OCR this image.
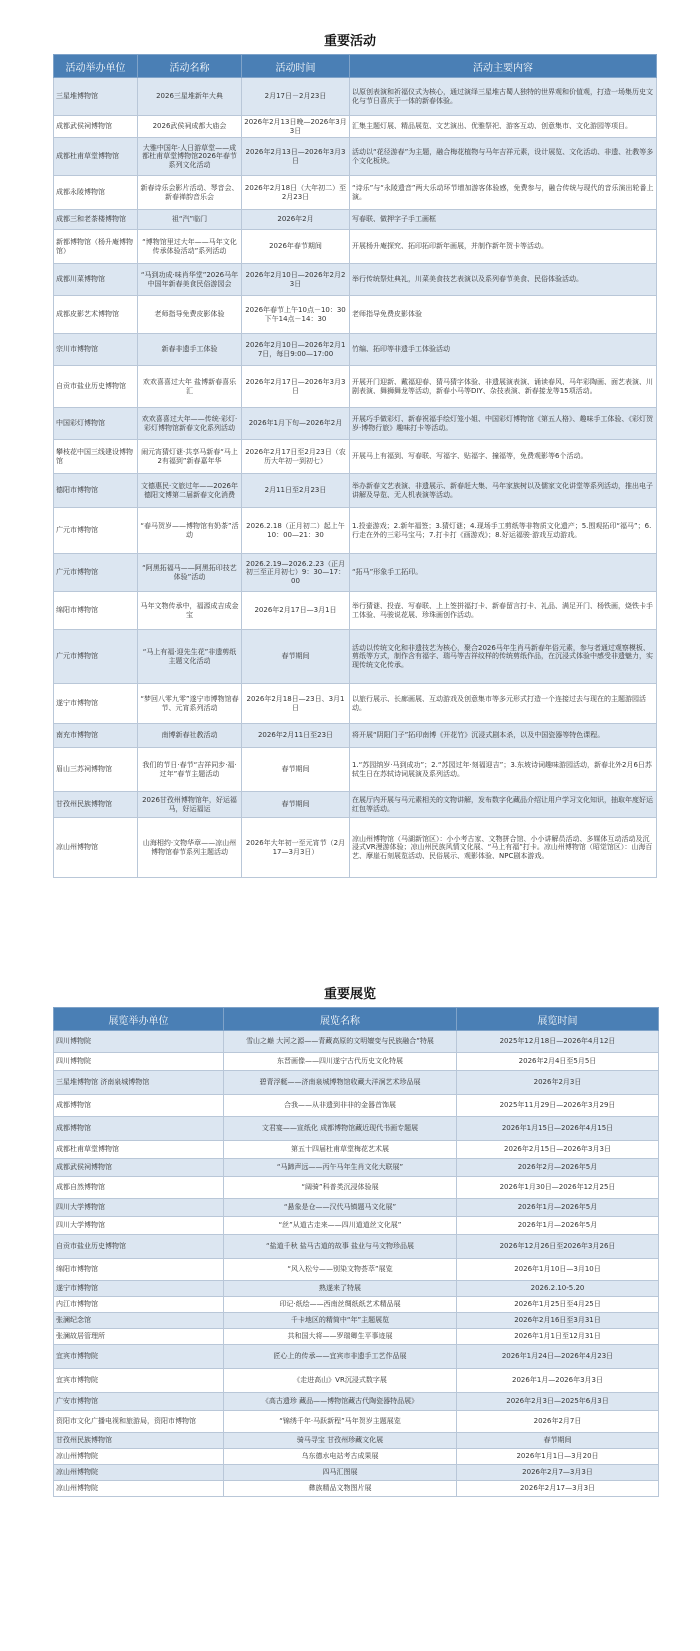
重要活动
活动举办单位	活动名称	活动时间	活动主要内容
三星堆博物馆	2026三星堆新年大典	2月17日－2月23日	以原创表演和祈福仪式为核心，通过演绎三星堆古蜀人独特的世界观和价值观，打造一场集历史文化与节日喜庆于一体的新春体验。
成都武侯祠博物馆	2026武侯祠成都大庙会	2026年2月13日晚—2026年3月3日	汇集主题灯展、精品展览、文艺演出、优雅祭祀、游客互动、创意集市、文化游园等项目。
成都杜甫草堂博物馆	大雅中国年·人日游草堂——成都杜甫草堂博物馆2026年春节系列文化活动	2026年2月13日—2026年3月3日	活动以“花径游春”为主题，融合梅花植物与马年吉祥元素，设计展览、文化活动、非遗、社教等多个文化板块。
成都永陵博物馆	新春诗乐会影片活动、琴音会、新春禅韵音乐会	2026年2月18日（大年初二）至2月23日	“诗乐”与“永陵遗音”两大乐动环节增加游客体验感，免费参与，融合传统与现代的音乐演出轮番上演。
成都三和老茶楼博物馆	祖“汽”临门	2026年2月	写春联、做押字子手工画框
新都博物馆（杨升庵博物馆）	“博物馆里过大年——马年文化传承体验活动”系列活动	2026年春节期间	开展杨升庵探究、拓印拓印新年画展，并制作新年贺卡等活动。
成都川菜博物馆	“马到功成·味肖华堂”2026马年中国年新春美食民俗游园会	2026年2月10日—2026年2月23日	举行传统祭灶典礼，川菜美食技艺表演以及系列春节美食、民俗体验活动。
成都皮影艺术博物馆	老师指导免费皮影体验	2026年春节上午10点－10：30下午14点－14：30	老师指导免费皮影体验
宗川市博物馆	新春非遗手工体验	2026年2月10日—2026年2月17日，每日9:00—17:00	竹编、拓印等非遗手工体验活动
自贡市盐业历史博物馆	欢欢喜喜过大年 盐博新春喜乐汇	2026年2月17日—2026年3月3日	开展开门迎新、戴福迎春、猜马猜字体验、非遗展演表演、诵读春风、马年彩陶画、面艺表演、川剧表演、舞狮舞龙等活动，新春小马等DIY、杂技表演、新春接龙等15项活动。
中国彩灯博物馆	欢欢喜喜过大年——传统·彩灯·彩灯博物馆新春文化系列活动	2026年1月下旬—2026年2月	开展巧手做彩灯、新春祝福手绘灯笼小姐、中国彩灯博物馆《第五人格》、趣味手工体验、《彩灯贺岁·博物行旅》趣味打卡等活动。
攀枝花中国三线建设博物馆	闹元宵猜灯谜·共享马新春“马上2有福到”新春嘉年华	2026年2月17日至2月23日（农历大年初一到初七）	开展马上有福到、写春联、写福字、贴福字、撞福等，免费观影等6个活动。
德阳市博物馆	文德惠民·文旅过年——2026年德阳文博第二届新春文化消费	2月11日至2月23日	举办新春文艺表演、非遗展示、新春赶大集、马年家族树以及儒家文化讲堂等系列活动，推出电子讲解及导览、无人机表演等活动。
广元市博物馆	“春马贺岁——博物馆有奶茶”活动	2026.2.18（正月初二）起上午10：00—21：30	1.投壶游戏；2.新年福签；3.猜灯谜；4.现场手工剪纸等非物质文化遗产；5.围观拓印“福马”；6.行走在外的三彩马宝马；7.打卡打《画游戏》；8.好运福骏·游戏互动游戏。
广元市博物馆	“阿黑拓福马——阿黑拓印技艺体验”活动	2026.2.19—2026.2.23（正月初三至正月初七）9：30—17：00	“拓马”形象手工拓印。
绵阳市博物馆	马年文物传承中，福源成吉成金宝	2026年2月17日—3月1日	举行猜谜、投壶、写春联、上上签拼福打卡、新春留言打卡、礼品、满足开门、杨铁画，烧铁卡手工体验、马骏说花展、珍珠画创作活动。
广元市博物馆	“马上有福·迎先生花”非遗剪纸主题文化活动	春节期间	活动以传统文化和非遗技艺为核心，聚合2026马年生肖马新春年俗元素，参与者通过观察模板、剪纸等方式，制作含有福字、瑞马等吉祥纹样的传统剪纸作品，在沉浸式体验中感受非遗魅力，实现传统文化传承。
遂宁市博物馆	“梦回八零九零”遂宁市博物馆春节、元宵系列活动	2026年2月18日—23日、3月1日	以旅行展示、长廊画展、互动游戏及创意集市等多元形式打造一个连接过去与现在的主题游园活动。
南充市博物馆	南博新春社教活动	2026年2月11日至23日	将开展“阴阳门子”拓印南博《开花竹》沉浸式剧本杀，以及中国瓷器等特色课程。
眉山三苏祠博物馆	我们的节日·春节“吉祥同步·福·过年”春节主题活动	春节期间	1.“苏园纳岁·马到成功”；2.“苏园过年·刻福迎吉”；3.东坡诗词趣味游园活动，新春北外2月6日苏轼生日在苏轼诗词展演及系列活动。
甘孜州民族博物馆	2026甘孜州博物馆年，好运福马，好运福运	春节期间	在展厅内开展与马元素相关的文物讲解，发布数字化藏品介绍让用户学习文化知识，抽取年度好运红包等活动。
凉山州博物馆	山海相约·文物华章——凉山州博物馆春节系列主题活动	2026年大年初一至元宵节（2月17—3月3日）	凉山州博物馆（马湖新馆区）：小小考古家、文物拼合馆、小小讲解员活动、多媒体互动活动及沉浸式VR漫游体验；凉山州民族风情文化展、“马上有福”打卡。凉山州博物馆（昭觉馆区）：山海百艺、摩崖石刻展览活动、民俗展示、观影体验、NPC剧本游戏。
重要展览
展览举办单位	展览名称	展览时间
四川博物院	雪山之巅 大河之源——青藏高原的文明嬗变与民族融合”特展	2025年12月18日—2026年4月12日
四川博物院	东晋画像——四川遂宁古代历史文化特展	2026年2月4日至5月5日
三星堆博物馆 济南泉城博物馆	碧青浮艇——济南泉城博物馆收藏大洋涧艺术珍品展	2026年2月3日
成都博物馆	合我——从非遗到非非的金器首饰展	2025年11月29日—2026年3月29日
成都博物馆	文君宴——宣纸化 成都博物馆藏近现代书画专题展	2026年1月15日—2026年4月15日
成都杜甫草堂博物馆	第五十四届杜甫草堂梅花艺术展	2026年2月15日—2026年3月3日
成都武侯祠博物馆	“马蹄声远——丙午马年生肖文化大联展”	2026年2月—2026年5月
成都自然博物馆	“阔骑”科普类沉浸体验展	2026年1月30日—2026年12月25日
四川大学博物馆	“悬象是仓——汉代马镇题马文化展”	2026年1月—2026年5月
四川大学博物馆	“丝”从道古走来——四川道道丝文化展”	2026年1月—2026年5月
自贡市盐业历史博物馆	“盐道千秋 盐马古道的故事 盐业与马文物珍品展	2026年12月26日至2026年3月26日
绵阳市博物馆	“风入松兮——别染文物荟萃”展览	2026年1月10日—3月10日
遂宁市博物馆	熟遂来了特展	2026.2.10-5.20
内江市博物馆	印记·纸绘——西南丝绸纸纸艺术精品展	2026年1月25日至4月25日
张澜纪念馆	千卡地区的精简中“年”主题展览	2026年2月16日至3月31日
张澜故居管理所	共和国大将——罗瑞卿生平事迹展	2026年1月1日至12月31日
宜宾市博物院	匠心上的传承——宜宾市非遗手工艺作品展	2026年1月24日—2026年4月23日
宜宾市博物院	《走进高山》VR沉浸式数字展	2026年1月—2026年3月3日
广安市博物馆	《高古遗珍 藏品——博物馆藏古代陶瓷器特品展》	2026年2月3日—2025年6月3日
资阳市文化广播电视和旅游局，资阳市博物馆	“锦绣千年·马跃新程”马年贺岁主题展览	2026年2月7日
甘孜州民族博物馆	骑马寻宝 甘孜州珍藏文化展	春节期间
凉山州博物院	乌东德水电站考古成果展	2026年1月1日—3月20日
凉山州博物院	四马汇图展	2026年2月7—3月3日
凉山州博物院	彝族精品文物图片展	2026年2月17—3月3日
